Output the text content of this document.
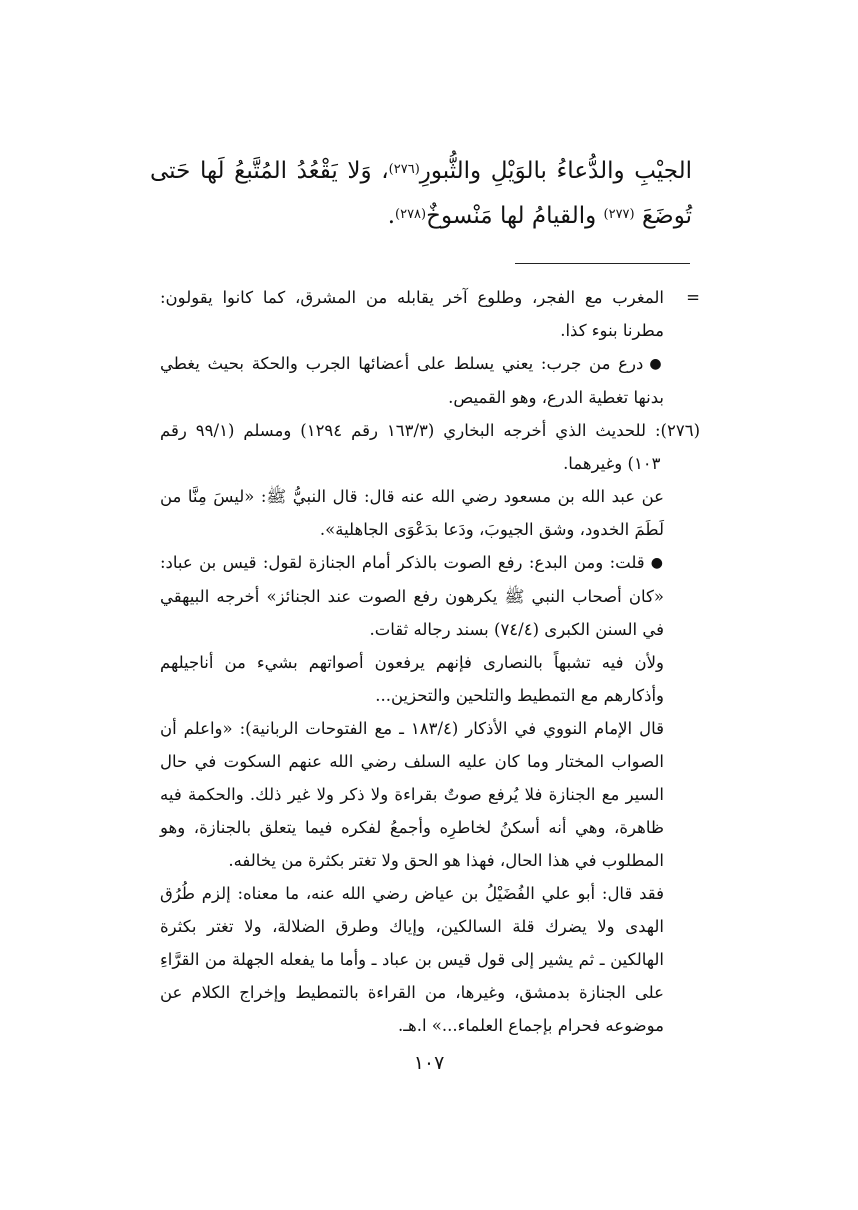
الجيْبِ والدُّعاءُ بالوَيْلِ والثُّبورِ$^{(٢٧٦)}$، وَلا يَقْعُدُ المُتَّبعُ لَها حَتى تُوضَعَ $^{(٢٧٧)}$ والقيامُ لها مَنْسوخٌ$^{(٢٧٨)}$.
=
المغرب مع الفجر، وطلوع آخر يقابله من المشرق، كما كانوا يقولون: مطرنا بنوء كذا.
●درع من جرب: يعني يسلط على أعضائها الجرب والحكة بحيث يغطي بدنها تغطية الدرع، وهو القميص.
(٢٧٦)
: للحديث الذي أخرجه البخاري (١٦٣/٣ رقم ١٢٩٤) ومسلم (٩٩/١ رقم ١٠٣) وغيرهما.
عن عبد الله بن مسعود رضي الله عنه قال: قال النبيُّ ﷺ: «ليسَ مِنَّا من لَطَمَ الخدود، وشق الجيوبَ، ودَعا بدَعْوَى الجاهلية».
●قلت: ومن البدع: رفع الصوت بالذكر أمام الجنازة لقول: قيس بن عباد: «كان أصحاب النبي ﷺ يكرهون رفع الصوت عند الجنائز» أخرجه البيهقي في السنن الكبرى (٧٤/٤) بسند رجاله ثقات.
ولأن فيه تشبهاً بالنصارى فإنهم يرفعون أصواتهم بشيء من أناجيلهم وأذكارهم مع التمطيط والتلحين والتحزين...
قال الإمام النووي في الأذكار (١٨٣/٤ ـ مع الفتوحات الربانية): «واعلم أن الصواب المختار وما كان عليه السلف رضي الله عنهم السكوت في حال السير مع الجنازة فلا يُرفع صوتٌ بقراءة ولا ذكر ولا غير ذلك. والحكمة فيه ظاهرة، وهي أنه أسكنُ لخاطرِه وأجمعُ لفكره فيما يتعلق بالجنازة، وهو المطلوب في هذا الحال، فهذا هو الحق ولا تغتر بكثرة من يخالفه.
فقد قال: أبو علي الفُضَيْلُ بن عياض رضي الله عنه، ما معناه: إلزم طُرُق الهدى ولا يضرك قلة السالكين، وإياك وطرق الضلالة، ولا تغتر بكثرة الهالكين ـ ثم يشير إلى قول قيس بن عباد ـ وأما ما يفعله الجهلة من القرَّاءِ على الجنازة بدمشق، وغيرها، من القراءة بالتمطيط وإخراج الكلام عن موضوعه فحرام بإجماع العلماء...» ا.هـ.
١٠٧
